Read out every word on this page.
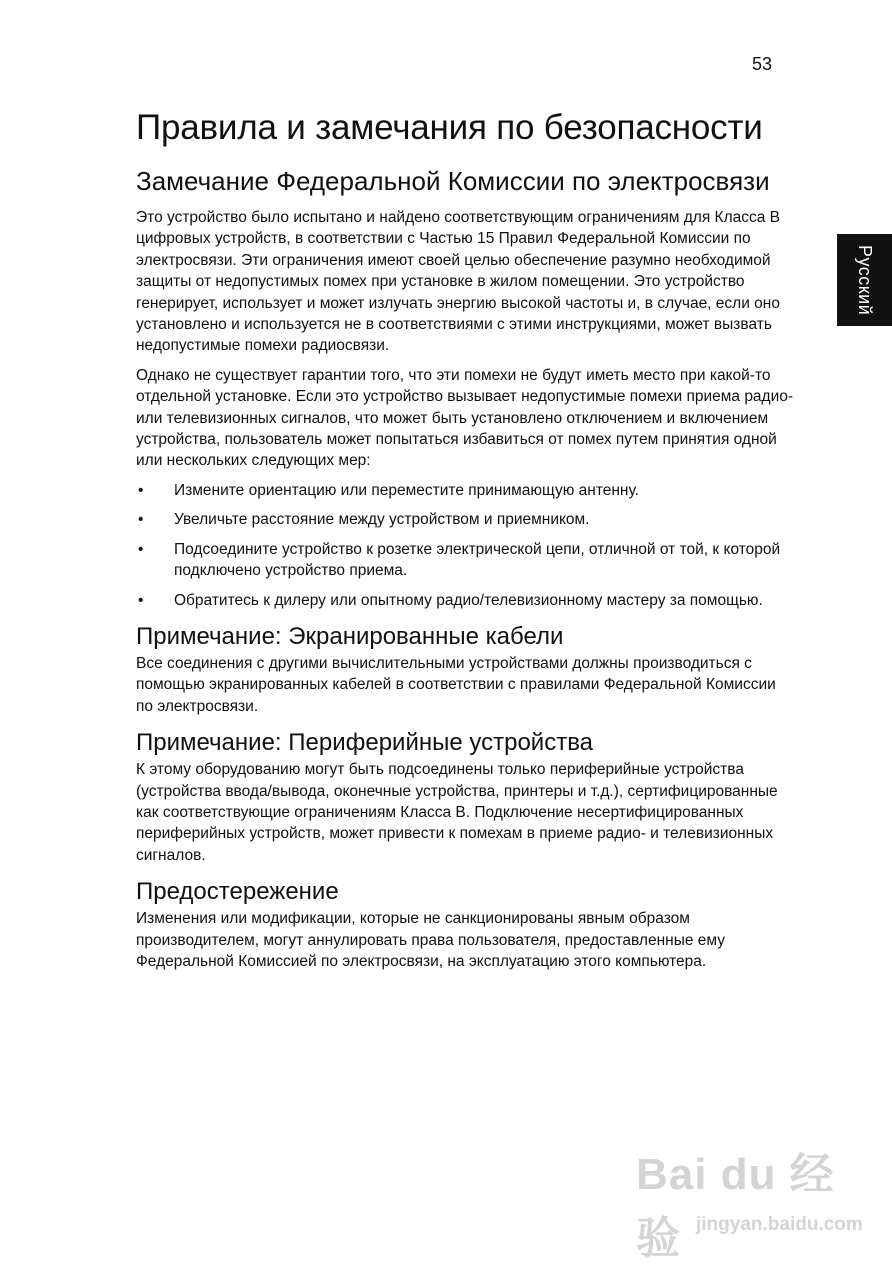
53
Русский
Правила и замечания по безопасности
Замечание Федеральной Комиссии по электросвязи

Это устройство было испытано и найдено соответствующим ограничениям для Класса B цифровых устройств, в соответствии с Частью 15 Правил Федеральной Комиссии по электросвязи. Эти ограничения имеют своей целью обеспечение разумно необходимой защиты от недопустимых помех при установке в жилом помещении. Это устройство генерирует, использует и может излучать энергию высокой частоты и, в случае, если оно установлено и используется не в соответствиями с этими инструкциями, может вызвать недопустимые помехи радиосвязи.

Однако не существует гарантии того, что эти помехи не будут иметь место при какой-то отдельной установке. Если это устройство вызывает недопустимые помехи приема радио- или телевизионных сигналов, что может быть установлено отключением и включением устройства, пользователь может попытаться избавиться от помех путем принятия одной или нескольких следующих мер:

• Измените ориентацию или переместите принимающую антенну.
• Увеличьте расстояние между устройством и приемником.
• Подсоедините устройство к розетке электрической цепи, отличной от той, к которой подключено устройство приема.
• Обратитесь к дилеру или опытному радио/телевизионному мастеру за помощью.
Примечание: Экранированные кабели

Все соединения с другими вычислительными устройствами должны производиться с помощью экранированных кабелей в соответствии с правилами Федеральной Комиссии по электросвязи.

Примечание: Периферийные устройства

К этому оборудованию могут быть подсоединены только периферийные устройства (устройства ввода/вывода, оконечные устройства, принтеры и т.д.), сертифицированные как соответствующие ограничениям Класса B. Подключение несертифицированных периферийных устройств, может привести к помехам в приеме радио- и телевизионных сигналов.

Предостережение

Изменения или модификации, которые не санкционированы явным образом производителем, могут аннулировать права пользователя, предоставленные ему Федеральной Комиссией по электросвязи, на эксплуатацию этого компьютера.

Bai du 经验 jingyan.baidu.com
